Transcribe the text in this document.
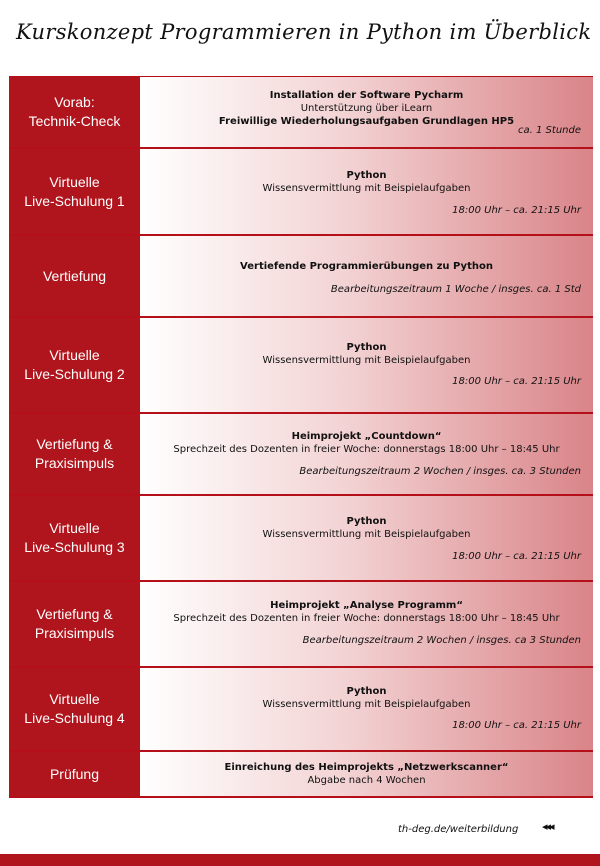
Kurskonzept Programmieren in Python im Überblick
Vorab:
Technik-Check
Installation der Software Pycharm
Unterstützung über iLearn
Freiwillige Wiederholungsaufgaben Grundlagen HP5
ca. 1 Stunde
Virtuelle
Live-Schulung 1
Python
Wissensvermittlung mit Beispielaufgaben
18:00 Uhr – ca. 21:15 Uhr
Vertiefung
Vertiefende Programmierübungen zu Python
Bearbeitungszeitraum 1 Woche / insges. ca. 1 Std
Virtuelle
Live-Schulung 2
Python
Wissensvermittlung mit Beispielaufgaben
18:00 Uhr – ca. 21:15 Uhr
Vertiefung &
Praxisimpuls
Heimprojekt „Countdown“
Sprechzeit des Dozenten in freier Woche: donnerstags 18:00 Uhr – 18:45 Uhr
Bearbeitungszeitraum 2 Wochen / insges. ca. 3 Stunden
Virtuelle
Live-Schulung 3
Python
Wissensvermittlung mit Beispielaufgaben
18:00 Uhr – ca. 21:15 Uhr
Vertiefung &
Praxisimpuls
Heimprojekt „Analyse Programm“
Sprechzeit des Dozenten in freier Woche: donnerstags 18:00 Uhr – 18:45 Uhr
Bearbeitungszeitraum 2 Wochen / insges. ca 3 Stunden
Virtuelle
Live-Schulung 4
Python
Wissensvermittlung mit Beispielaufgaben
18:00 Uhr – ca. 21:15 Uhr
Prüfung	Einreichung des Heimprojekts „Netzwerkscanner“
Abgabe nach 4 Wochen
th-deg.de/weiterbildung ◂◂◂
